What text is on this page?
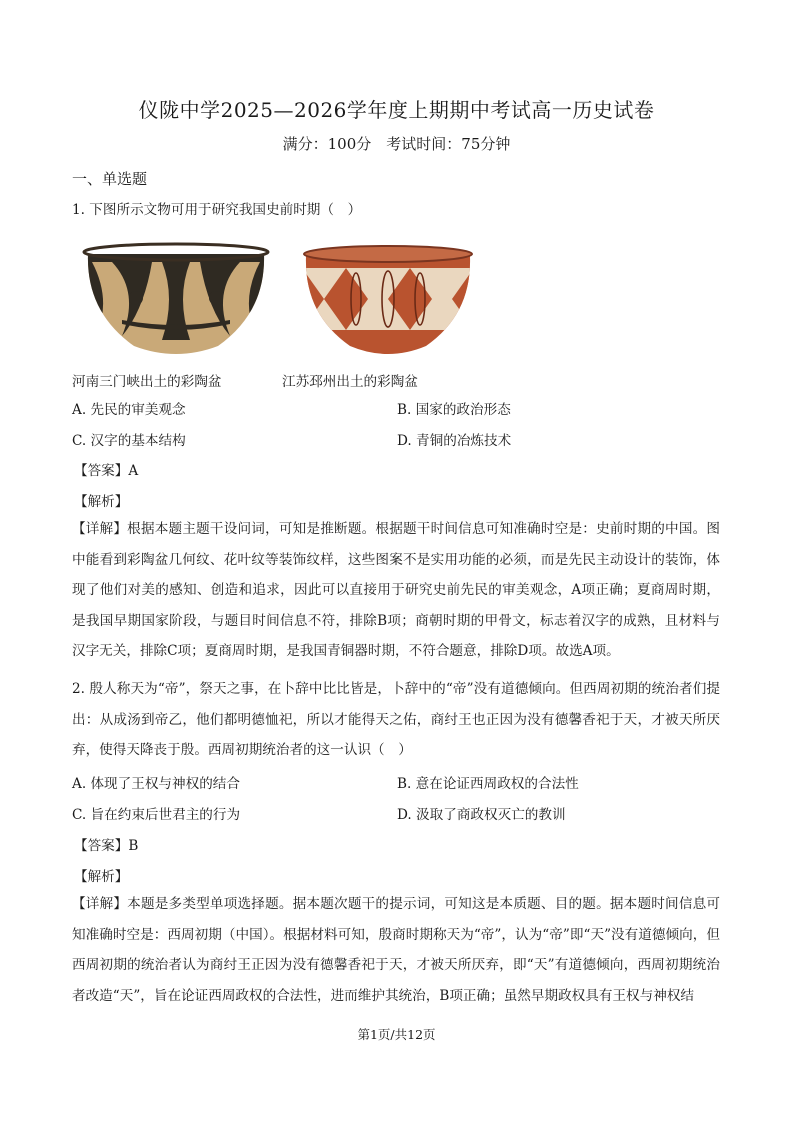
仪陇中学2025—2026学年度上期期中考试高一历史试卷
满分：100分　考试时间：75分钟
一、单选题
1. 下图所示文物可用于研究我国史前时期（　）
河南三门峡出土的彩陶盆	江苏邳州出土的彩陶盆
A. 先民的审美观念	B. 国家的政治形态
C. 汉字的基本结构	D. 青铜的冶炼技术
【答案】A
【解析】
【详解】根据本题主题干设问词，可知是推断题。根据题干时间信息可知准确时空是：史前时期的中国。图中能看到彩陶盆几何纹、花叶纹等装饰纹样，这些图案不是实用功能的必须，而是先民主动设计的装饰，体现了他们对美的感知、创造和追求，因此可以直接用于研究史前先民的审美观念，A项正确；夏商周时期，是我国早期国家阶段，与题目时间信息不符，排除B项；商朝时期的甲骨文，标志着汉字的成熟，且材料与汉字无关，排除C项；夏商周时期，是我国青铜器时期，不符合题意，排除D项。故选A项。
2. 殷人称天为“帝”，祭天之事，在卜辞中比比皆是，卜辞中的“帝”没有道德倾向。但西周初期的统治者们提出：从成汤到帝乙，他们都明德恤祀，所以才能得天之佑，商纣王也正因为没有德馨香祀于天，才被天所厌弃，使得天降丧于殷。西周初期统治者的这一认识（　）
A. 体现了王权与神权的结合	B. 意在论证西周政权的合法性
C. 旨在约束后世君主的行为	D. 汲取了商政权灭亡的教训
【答案】B
【解析】
【详解】本题是多类型单项选择题。据本题次题干的提示词，可知这是本质题、目的题。据本题时间信息可知准确时空是：西周初期（中国）。根据材料可知，殷商时期称天为“帝”，认为“帝”即“天”没有道德倾向，但西周初期的统治者认为商纣王正因为没有德馨香祀于天，才被天所厌弃，即“天”有道德倾向，西周初期统治者改造“天”，旨在论证西周政权的合法性，进而维护其统治，B项正确；虽然早期政权具有王权与神权结
第1页/共12页
